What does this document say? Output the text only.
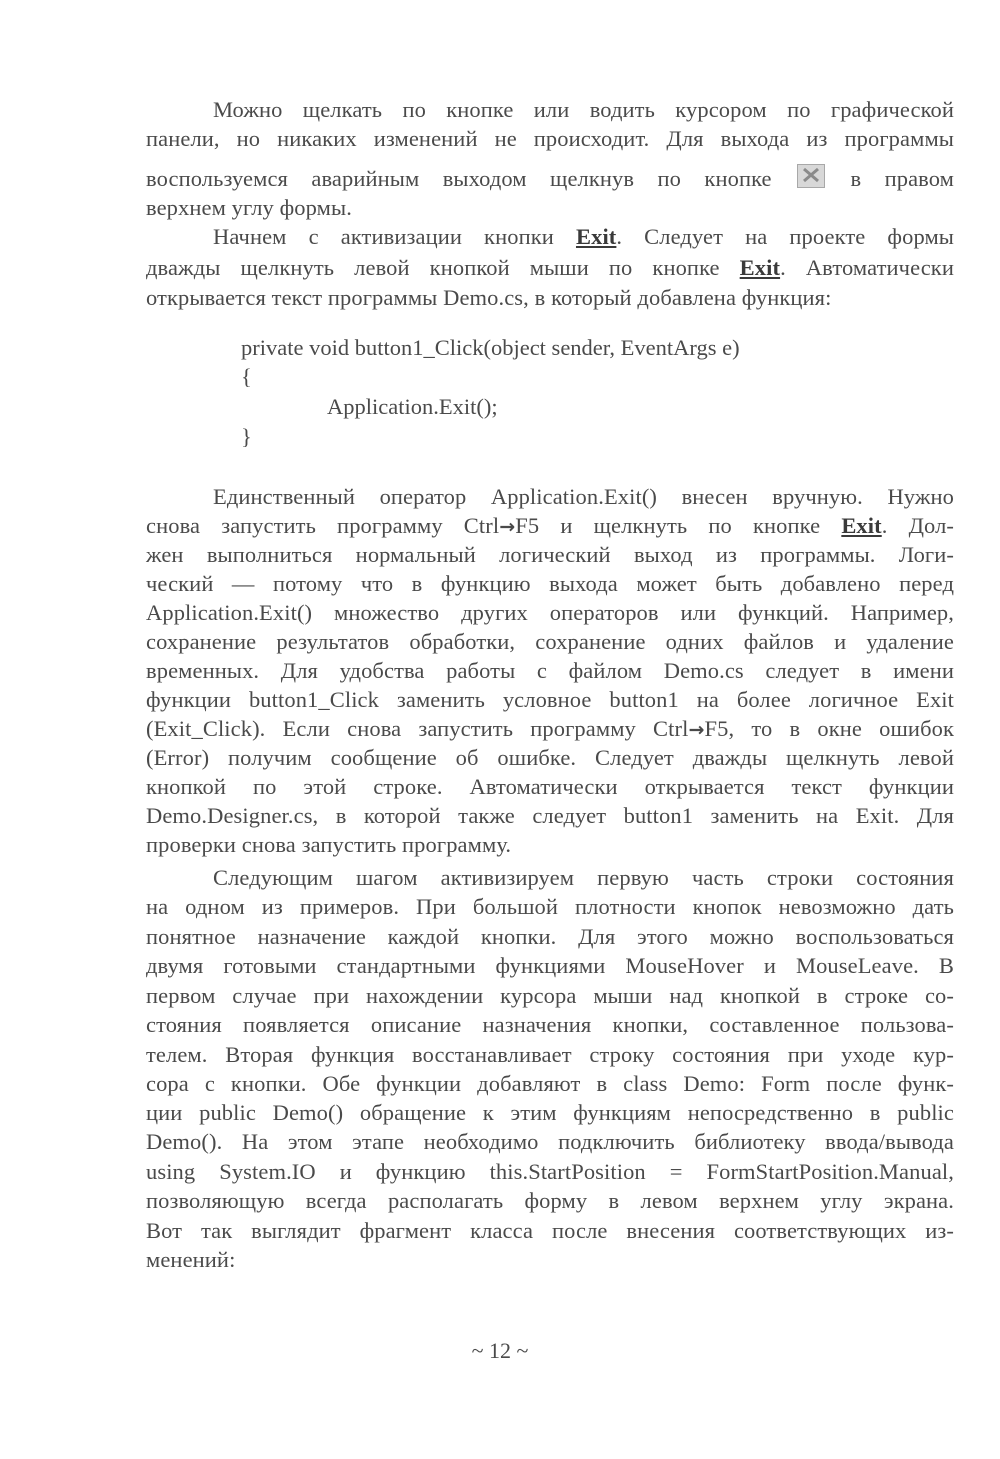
Можно щелкать по кнопке или водить курсором по графической
панели, но никаких изменений не происходит. Для выхода из программы
воспользуемся аварийным выходом щелкнув по кнопке	в правом
верхнем углу формы.
Начнем с активизации кнопки Exit. Следует на проекте формы
дважды щелкнуть левой кнопкой мыши по кнопке Exit. Автоматически
открывается текст программы Demo.cs, в который добавлена функция:
private void button1_Click(object sender, EventArgs e)
{
Application.Exit();
}
Единственный оператор Application.Exit() внесен вручную. Нужно
снова запустить программу Ctrl→F5 и щелкнуть по кнопке Exit. Дол-
жен выполниться нормальный логический выход из программы. Логи-
ческий — потому что в функцию выхода может быть добавлено перед
Application.Exit() множество других операторов или функций. Например,
сохранение результатов обработки, сохранение одних файлов и удаление
временных. Для удобства работы с файлом Demo.cs следует в имени
функции button1_Click заменить условное button1 на более логичное Exit
(Exit_Click). Если снова запустить программу Ctrl→F5, то в окне ошибок
(Error) получим сообщение об ошибке. Следует дважды щелкнуть левой
кнопкой по этой строке. Автоматически открывается текст функции
Demo.Designer.cs, в которой также следует button1 заменить на Exit. Для
проверки снова запустить программу.
Следующим шагом активизируем первую часть строки состояния
на одном из примеров. При большой плотности кнопок невозможно дать
понятное назначение каждой кнопки. Для этого можно воспользоваться
двумя готовыми стандартными функциями MouseHover и MouseLeave. В
первом случае при нахождении курсора мыши над кнопкой в строке со-
стояния появляется описание назначения кнопки, составленное пользова-
телем. Вторая функция восстанавливает строку состояния при уходе кур-
сора с кнопки. Обе функции добавляют в class Demo: Form после функ-
ции public Demo() обращение к этим функциям непосредственно в public
Demo(). На этом этапе необходимо подключить библиотеку ввода/вывода
using System.IO и функцию this.StartPosition = FormStartPosition.Manual,
позволяющую всегда располагать форму в левом верхнем углу экрана.
Вот так выглядит фрагмент класса после внесения соответствующих из-
менений:
~ 12 ~
